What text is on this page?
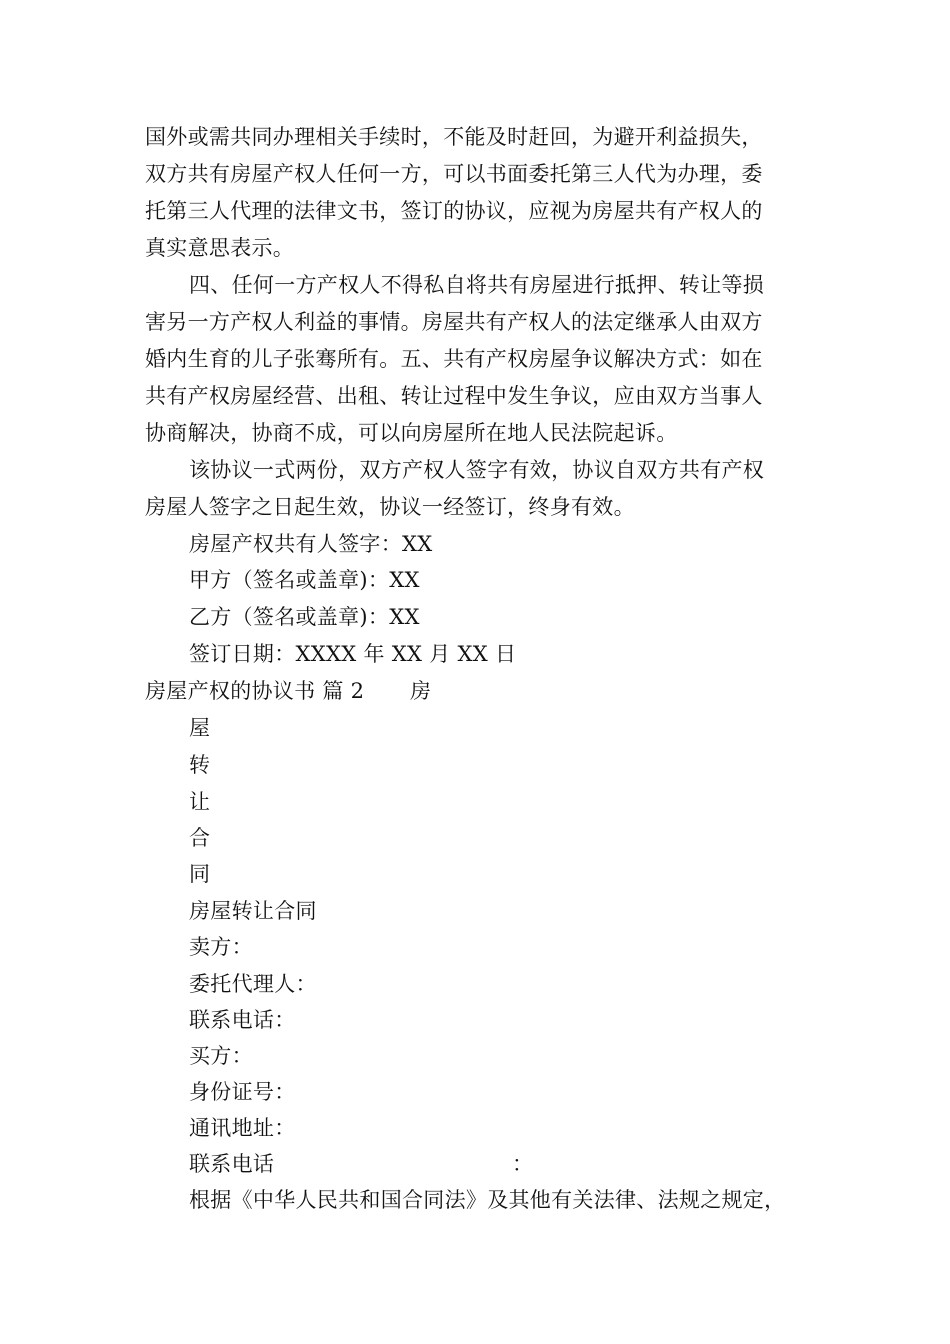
国外或需共同办理相关手续时，不能及时赶回，为避开利益损失，
双方共有房屋产权人任何一方，可以书面委托第三人代为办理，委
托第三人代理的法律文书，签订的协议，应视为房屋共有产权人的
真实意思表示。
四、任何一方产权人不得私自将共有房屋进行抵押、转让等损
害另一方产权人利益的事情。房屋共有产权人的法定继承人由双方
婚内生育的儿子张骞所有。五、共有产权房屋争议解决方式：如在
共有产权房屋经营、出租、转让过程中发生争议，应由双方当事人
协商解决，协商不成，可以向房屋所在地人民法院起诉。
该协议一式两份，双方产权人签字有效，协议自双方共有产权
房屋人签字之日起生效，协议一经签订，终身有效。
房屋产权共有人签字：XX
甲方（签名或盖章)：XX
乙方（签名或盖章)：XX
签订日期：XXXX 年 XX 月 XX 日
房屋产权的协议书 篇 2	房
屋
转
让
合
同
房屋转让合同
卖方：
委托代理人：
联系电话：
买方：
身份证号：
通讯地址：
联系电话	：
根据《中华人民共和国合同法》及其他有关法律、法规之规定，
